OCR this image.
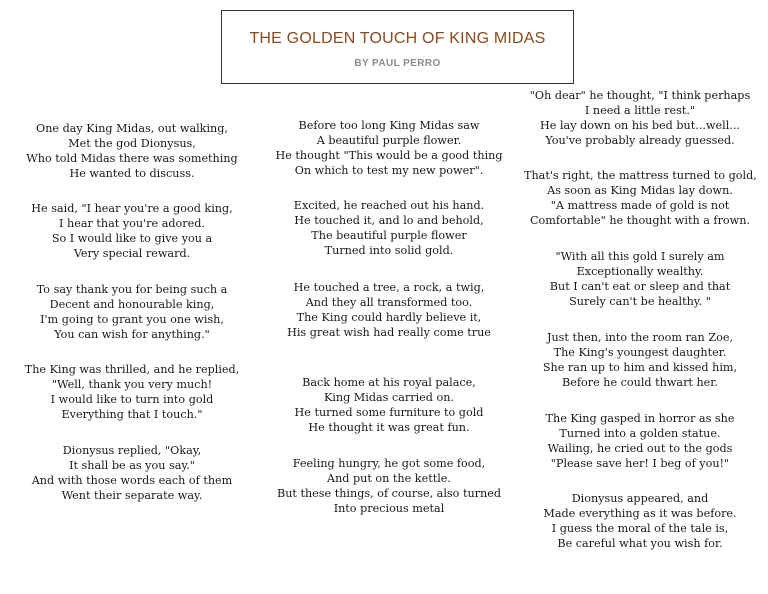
THE GOLDEN TOUCH OF KING MIDAS
BY PAUL PERRO
One day King Midas, out walking,
Met the god Dionysus,
Who told Midas there was something
He wanted to discuss.
He said, "I hear you're a good king,
I hear that you're adored.
So I would like to give you a
Very special reward.
To say thank you for being such a
Decent and honourable king,
I'm going to grant you one wish,
You can wish for anything."
The King was thrilled, and he replied,
"Well, thank you very much!
I would like to turn into gold
Everything that I touch."
Dionysus replied, "Okay,
It shall be as you say."
And with those words each of them
Went their separate way.
Before too long King Midas saw
A beautiful purple flower.
He thought "This would be a good thing
On which to test my new power".
Excited, he reached out his hand.
He touched it, and lo and behold,
The beautiful purple flower
Turned into solid gold.
He touched a tree, a rock, a twig,
And they all transformed too.
The King could hardly believe it,
His great wish had really come true
Back home at his royal palace,
King Midas carried on.
He turned some furniture to gold
He thought it was great fun.
Feeling hungry, he got some food,
And put on the kettle.
But these things, of course, also turned
Into precious metal
"Oh dear" he thought, "I think perhaps
I need a little rest."
He lay down on his bed but...well...
You've probably already guessed.
That's right, the mattress turned to gold,
As soon as King Midas lay down.
"A mattress made of gold is not
Comfortable" he thought with a frown.
"With all this gold I surely am
Exceptionally wealthy.
But I can't eat or sleep and that
Surely can't be healthy. "
Just then, into the room ran Zoe,
The King's youngest daughter.
She ran up to him and kissed him,
Before he could thwart her.
The King gasped in horror as she
Turned into a golden statue.
Wailing, he cried out to the gods
"Please save her! I beg of you!"
Dionysus appeared, and
Made everything as it was before.
I guess the moral of the tale is,
Be careful what you wish for.
